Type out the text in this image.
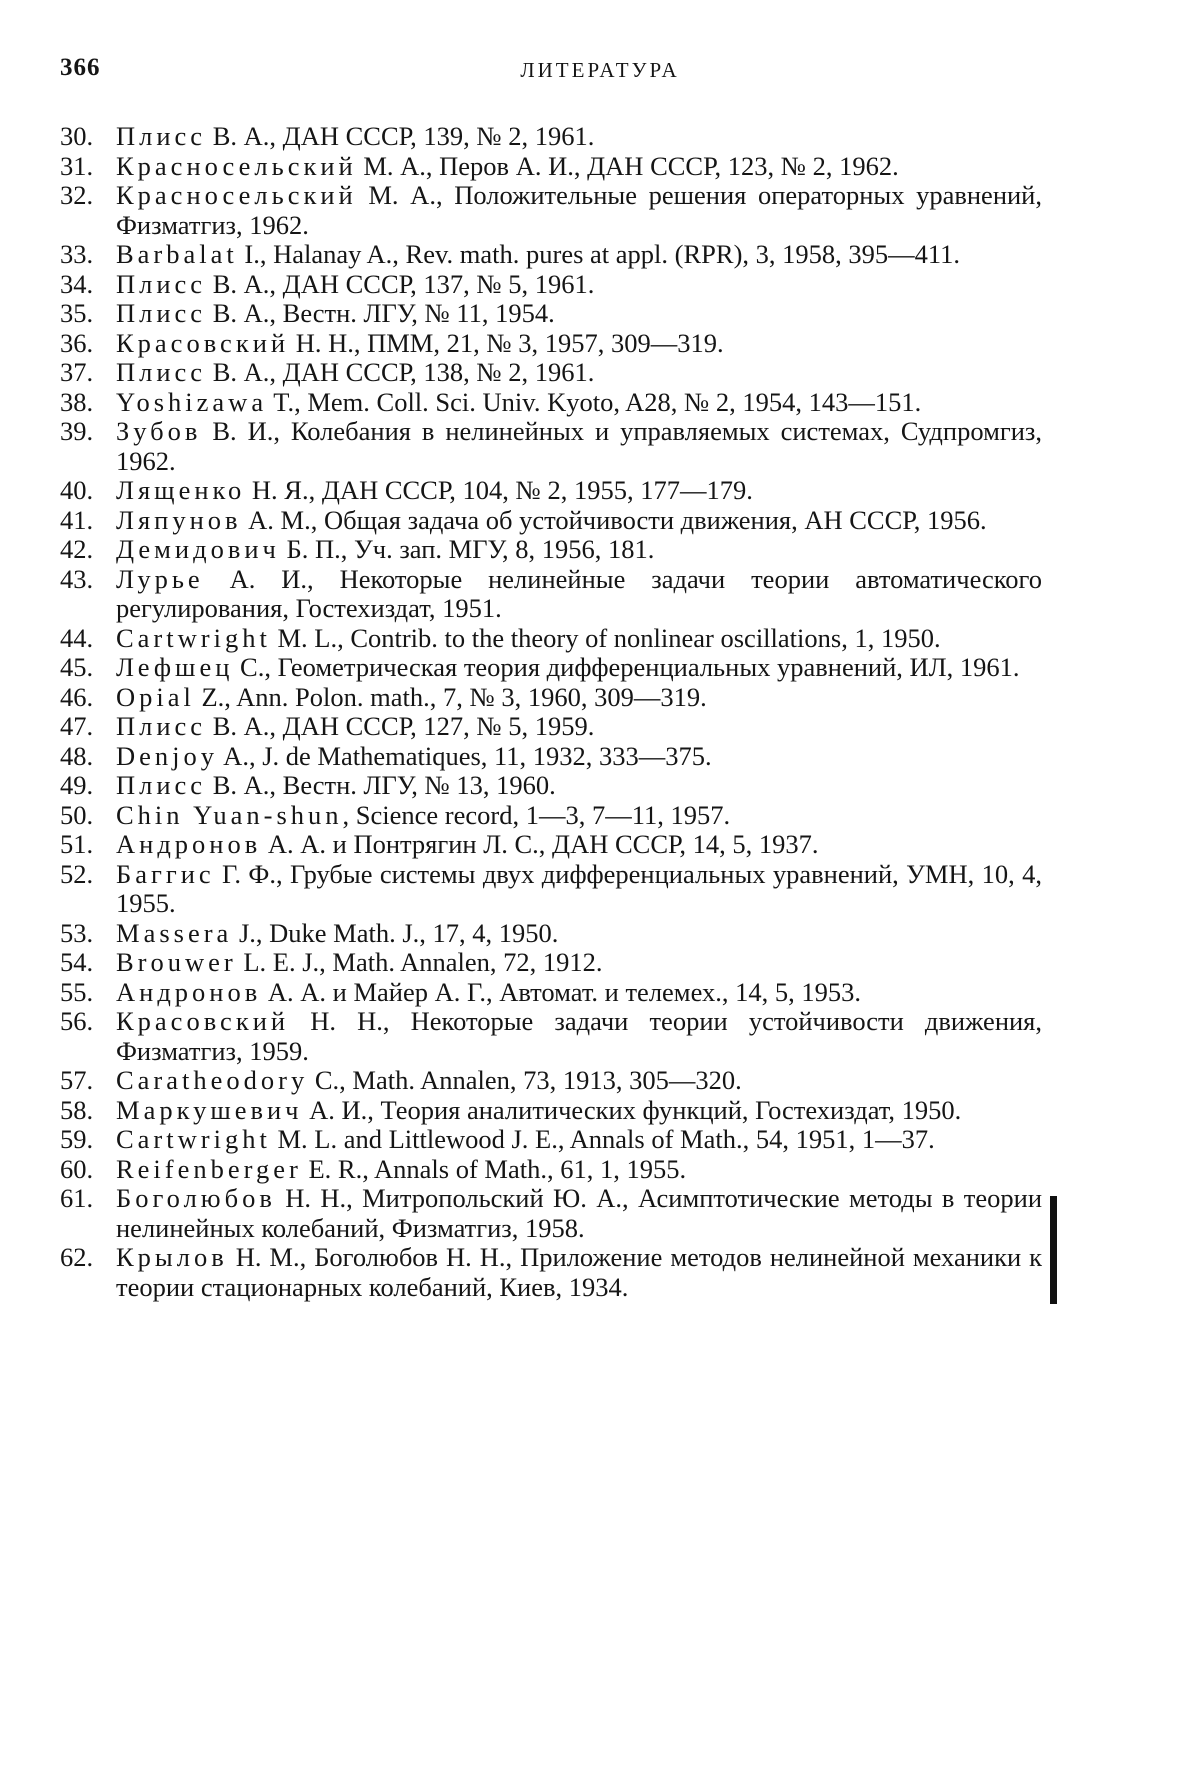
366	ЛИТЕРАТУРА
30. Плисс В. А., ДАН СССР, 139, № 2, 1961.
31. Красносельский М. А., Перов А. И., ДАН СССР, 123, № 2, 1962.
32. Красносельский М. А., Положительные решения операторных уравнений, Физматгиз, 1962.
33. Barbalat I., Halanay A., Rev. math. pures at appl. (RPR), 3, 1958, 395—411.
34. Плисс В. А., ДАН СССР, 137, № 5, 1961.
35. Плисс В. А., Вестн. ЛГУ, № 11, 1954.
36. Красовский Н. Н., ПММ, 21, № 3, 1957, 309—319.
37. Плисс В. А., ДАН СССР, 138, № 2, 1961.
38. Yoshizawa T., Mem. Coll. Sci. Univ. Kyoto, A28, № 2, 1954, 143—151.
39. Зубов В. И., Колебания в нелинейных и управляемых системах, Судпромгиз, 1962.
40. Лященко Н. Я., ДАН СССР, 104, № 2, 1955, 177—179.
41. Ляпунов А. М., Общая задача об устойчивости движения, АН СССР, 1956.
42. Демидович Б. П., Уч. зап. МГУ, 8, 1956, 181.
43. Лурье А. И., Некоторые нелинейные задачи теории автоматического регулирования, Гостехиздат, 1951.
44. Cartwright M. L., Contrib. to the theory of nonlinear oscillations, 1, 1950.
45. Лефшец С., Геометрическая теория дифференциальных уравнений, ИЛ, 1961.
46. Opial Z., Ann. Polon. math., 7, № 3, 1960, 309—319.
47. Плисс В. А., ДАН СССР, 127, № 5, 1959.
48. Denjoy A., J. de Mathematiques, 11, 1932, 333—375.
49. Плисс В. А., Вестн. ЛГУ, № 13, 1960.
50. Chin Yuan-shun, Science record, 1—3, 7—11, 1957.
51. Андронов А. А. и Понтрягин Л. С., ДАН СССР, 14, 5, 1937.
52. Баггис Г. Ф., Грубые системы двух дифференциальных уравнений, УМН, 10, 4, 1955.
53. Massera J., Duke Math. J., 17, 4, 1950.
54. Brouwer L. E. J., Math. Annalen, 72, 1912.
55. Андронов А. А. и Майер А. Г., Автомат. и телемех., 14, 5, 1953.
56. Красовский Н. Н., Некоторые задачи теории устойчивости движения, Физматгиз, 1959.
57. Caratheodory C., Math. Annalen, 73, 1913, 305—320.
58. Маркушевич А. И., Теория аналитических функций, Гостехиздат, 1950.
59. Cartwright M. L. and Littlewood J. E., Annals of Math., 54, 1951, 1—37.
60. Reifenberger E. R., Annals of Math., 61, 1, 1955.
61. Боголюбов Н. Н., Митропольский Ю. А., Асимптотические методы в теории нелинейных колебаний, Физматгиз, 1958.
62. Крылов Н. М., Боголюбов Н. Н., Приложение методов нелинейной механики к теории стационарных колебаний, Киев, 1934.
